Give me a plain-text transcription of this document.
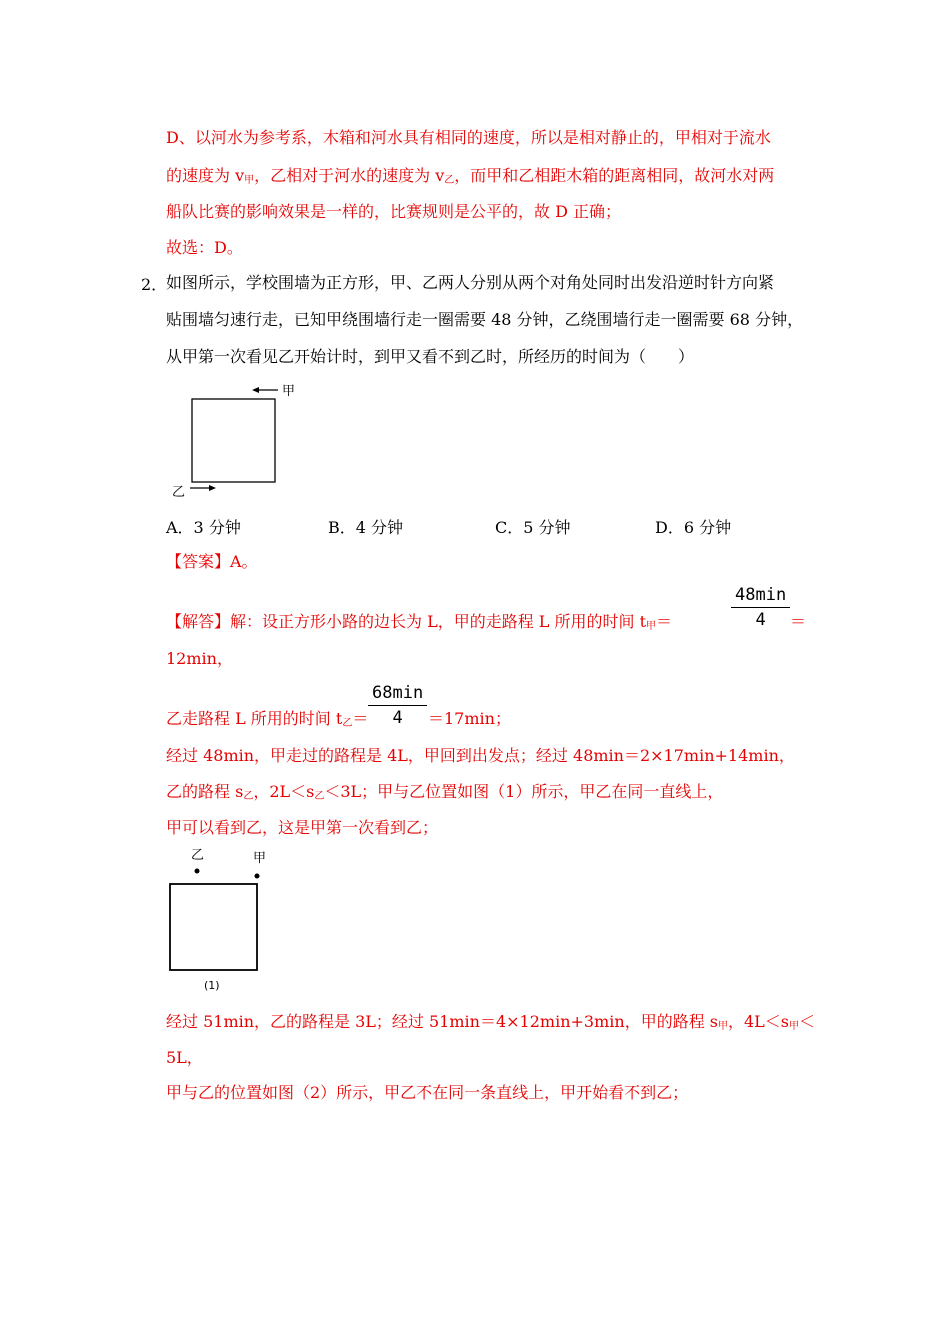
D、以河水为参考系，木箱和河水具有相同的速度，所以是相对静止的，甲相对于流水
的速度为 $v_甲$，乙相对于河水的速度为 $v_乙$，而甲和乙相距木箱的距离相同，故河水对两
船队比赛的影响效果是一样的，比赛规则是公平的，故 D 正确；
故选：D。
2．
如图所示，学校围墙为正方形，甲、乙两人分别从两个对角处同时出发沿逆时针方向紧
贴围墙匀速行走，已知甲绕围墙行走一圈需要 48 分钟，乙绕围墙行走一圈需要 68 分钟，
从甲第一次看见乙开始计时，到甲又看不到乙时，所经历的时间为（　　）
甲
乙
A．3 分钟	B．4 分钟	C．5 分钟	D．6 分钟
【答案】A。
【解答】解：设正方形小路的边长为 L，甲的走路程 L 所用的时间 $t_甲=$
48min
4	＝
12min，
乙走路程 L 所用的时间 $t_乙=$
68min
4	＝17min；
经过 48min，甲走过的路程是 4L，甲回到出发点；经过 48min＝2×17min+14min，
乙的路程 $s_乙$，$2L<s_乙<3L$；甲与乙位置如图（1）所示，甲乙在同一直线上，
甲可以看到乙，这是甲第一次看到乙；
乙	甲
(1)
经过 51min，乙的路程是 3L；经过 51min＝4×12min+3min，甲的路程 $s_甲$，$4L<s_甲<$
5L，
甲与乙的位置如图（2）所示，甲乙不在同一条直线上，甲开始看不到乙；
